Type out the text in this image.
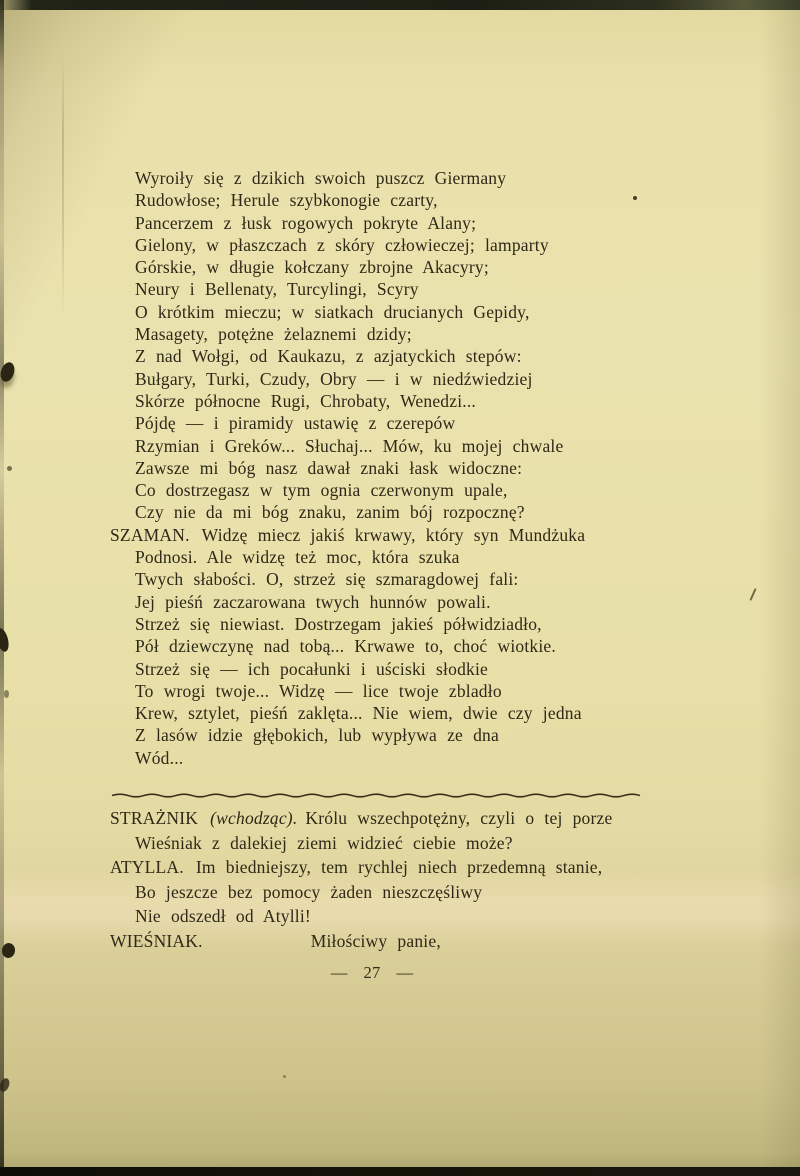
Wyroiły się z dzikich swoich puszcz Giermany
Rudowłose; Herule szybkonogie czarty,
Pancerzem z łusk rogowych pokryte Alany;
Gielony, w płaszczach z skóry człowieczej; lamparty
Górskie, w długie kołczany zbrojne Akacyry;
Neury i Bellenaty, Turcylingi, Scyry
O krótkim mieczu; w siatkach drucianych Gepidy,
Masagety, potężne żelaznemi dzidy;
Z nad Wołgi, od Kaukazu, z azjatyckich stepów:
Bułgary, Turki, Czudy, Obry — i w niedźwiedziej
Skórze północne Rugi, Chrobaty, Wenedzi...
Pójdę — i piramidy ustawię z czerepów
Rzymian i Greków... Słuchaj... Mów, ku mojej chwale
Zawsze mi bóg nasz dawał znaki łask widoczne:
Co dostrzegasz w tym ognia czerwonym upale,
Czy nie da mi bóg znaku, zanim bój rozpocznę?
SZAMAN. Widzę miecz jakiś krwawy, który syn Mundżuka
Podnosi. Ale widzę też moc, która szuka
Twych słabości. O, strzeż się szmaragdowej fali:
Jej pieśń zaczarowana twych hunnów powali.
Strzeż się niewiast. Dostrzegam jakieś półwidziadło,
Pół dziewczynę nad tobą... Krwawe to, choć wiotkie.
Strzeż się — ich pocałunki i uściski słodkie
To wrogi twoje... Widzę — lice twoje zbladło
Krew, sztylet, pieśń zaklęta... Nie wiem, dwie czy jedna
Z lasów idzie głębokich, lub wypływa ze dna
Wód...
STRAŻNIK (wchodząc). Królu wszechpotężny, czyli o tej porze
Wieśniak z dalekiej ziemi widzieć ciebie może?
ATYLLA. Im biedniejszy, tem rychlej niech przedemną stanie,
Bo jeszcze bez pomocy żaden nieszczęśliwy
Nie odszedł od Atylli!
WIEŚNIAK.	Miłościwy panie,
— 27 —
